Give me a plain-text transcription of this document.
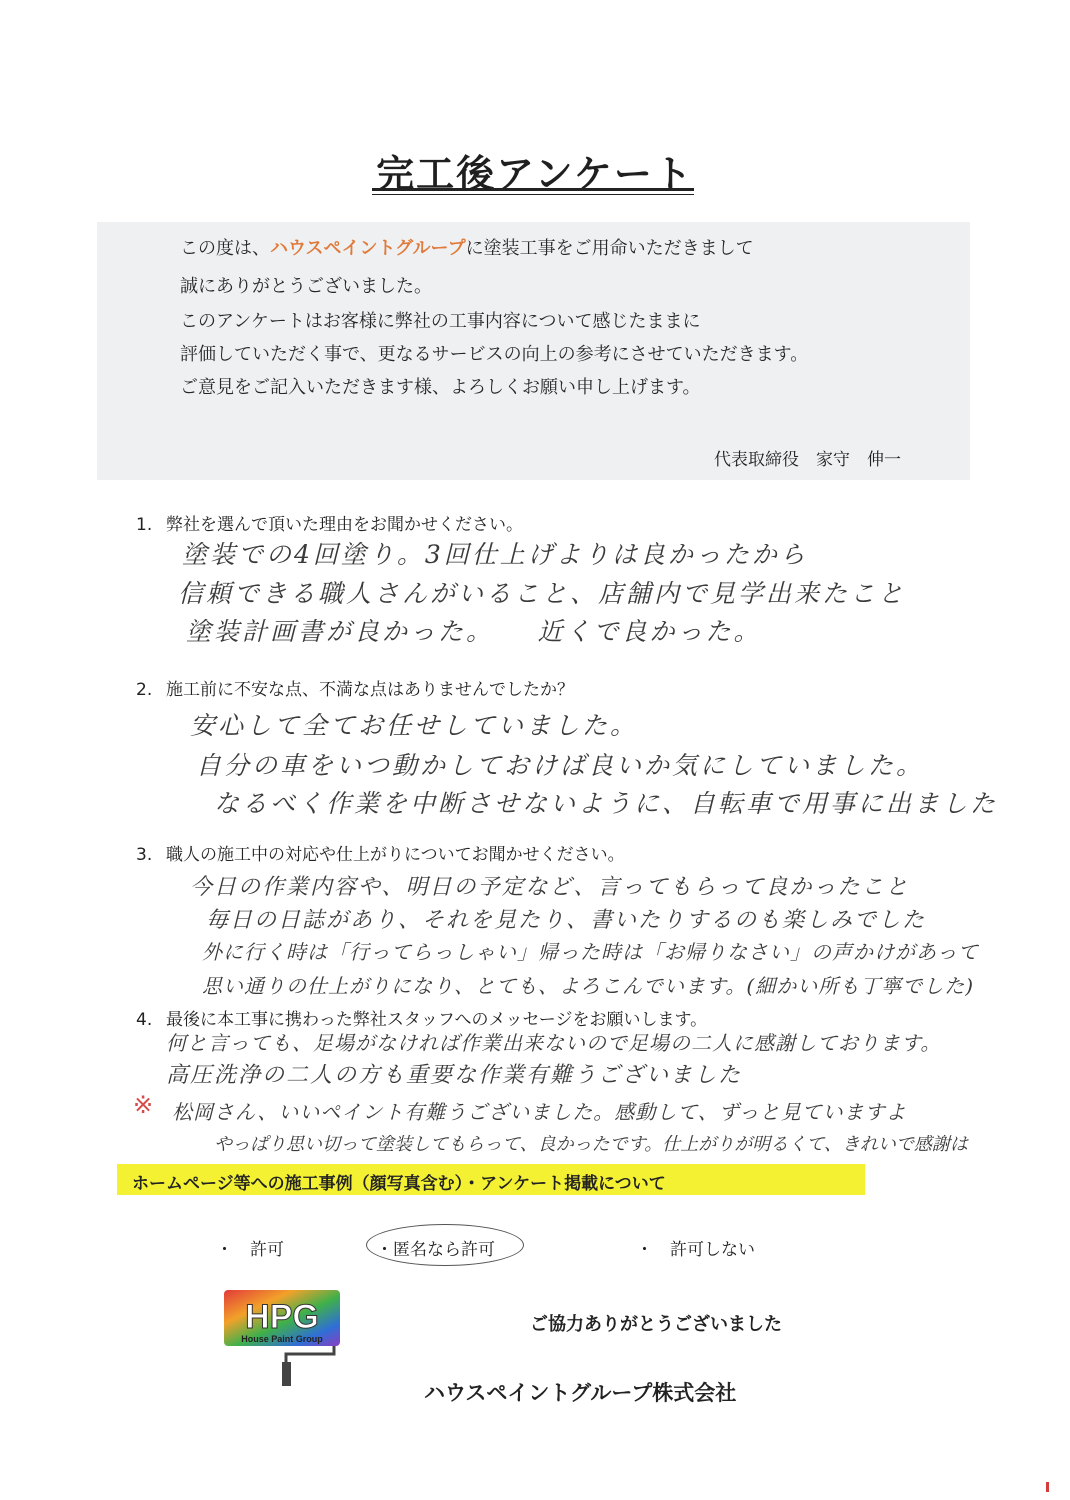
完工後アンケート
この度は、ハウスペイントグループに塗装工事をご用命いただきまして
誠にありがとうございました。
このアンケートはお客様に弊社の工事内容について感じたままに
評価していただく事で、更なるサービスの向上の参考にさせていただきます。
ご意見をご記入いただきます様、よろしくお願い申し上げます。
代表取締役　家守　伸一
1. 弊社を選んで頂いた理由をお聞かせください。
塗装での4回塗り。3回仕上げよりは良かったから
信頼できる職人さんがいること、店舗内で見学出来たこと
塗装計画書が良かった。　　近くで良かった。
2. 施工前に不安な点、不満な点はありませんでしたか？
安心して全てお任せしていました。
自分の車をいつ動かしておけば良いか気にしていました。
なるべく作業を中断させないように、自転車で用事に出ました
3. 職人の施工中の対応や仕上がりについてお聞かせください。
今日の作業内容や、明日の予定など、言ってもらって良かったこと
毎日の日誌があり、それを見たり、書いたりするのも楽しみでした
外に行く時は「行ってらっしゃい」帰った時は「お帰りなさい」の声かけがあって
思い通りの仕上がりになり、とても、よろこんでいます。(細かい所も丁寧でした)
4. 最後に本工事に携わった弊社スタッフへのメッセージをお願いします。
何と言っても、足場がなければ作業出来ないので足場の二人に感謝しております。
高圧洗浄の二人の方も重要な作業有難うございました
※ 松岡さん、いいペイント有難うございました。感動して、ずっと見ていますよ
やっぱり思い切って塗装してもらって、良かったです。仕上がりが明るくて、きれいで感謝は
ホームページ等への施工事例（顔写真含む）・アンケート掲載について
・　許可	・匿名なら許可	・　許可しない
HPG
House Paint Group
ご協力ありがとうございました
ハウスペイントグループ株式会社
